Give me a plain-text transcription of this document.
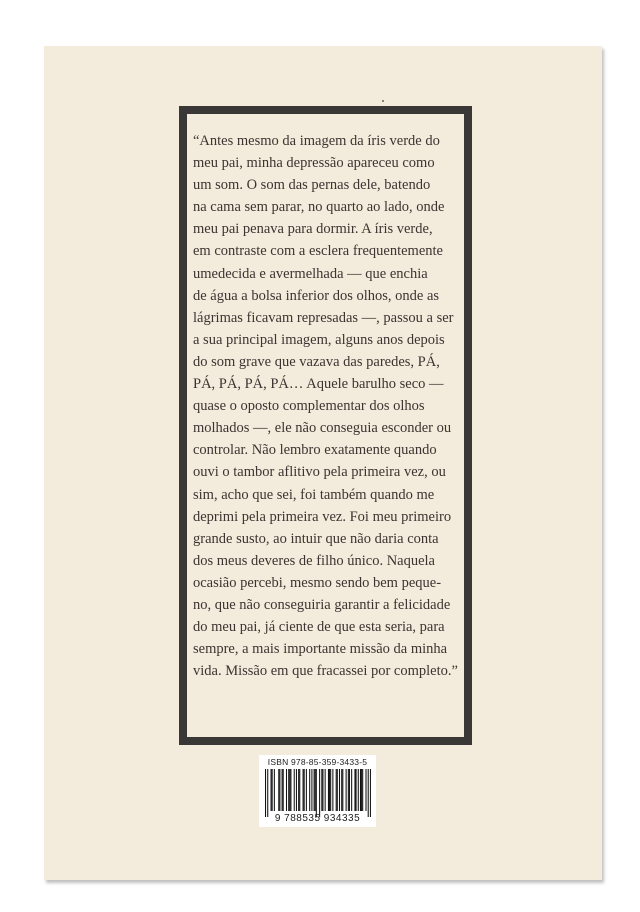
“Antes mesmo da imagem da íris verde do
meu pai, minha depressão apareceu como
um som. O som das pernas dele, batendo
na cama sem parar, no quarto ao lado, onde
meu pai penava para dormir. A íris verde,
em contraste com a esclera frequentemente
umedecida e avermelhada — que enchia
de água a bolsa inferior dos olhos, onde as
lágrimas ficavam represadas —, passou a ser
a sua principal imagem, alguns anos depois
do som grave que vazava das paredes, PÁ,
PÁ, PÁ, PÁ, PÁ… Aquele barulho seco —
quase o oposto complementar dos olhos
molhados —, ele não conseguia esconder ou
controlar. Não lembro exatamente quando
ouvi o tambor aflitivo pela primeira vez, ou
sim, acho que sei, foi também quando me
deprimi pela primeira vez. Foi meu primeiro
grande susto, ao intuir que não daria conta
dos meus deveres de filho único. Naquela
ocasião percebi, mesmo sendo bem peque-
no, que não conseguiria garantir a felicidade
do meu pai, já ciente de que esta seria, para
sempre, a mais importante missão da minha
vida. Missão em que fracassei por completo.”
ISBN 978-85-359-3433-5
9 788535 934335
